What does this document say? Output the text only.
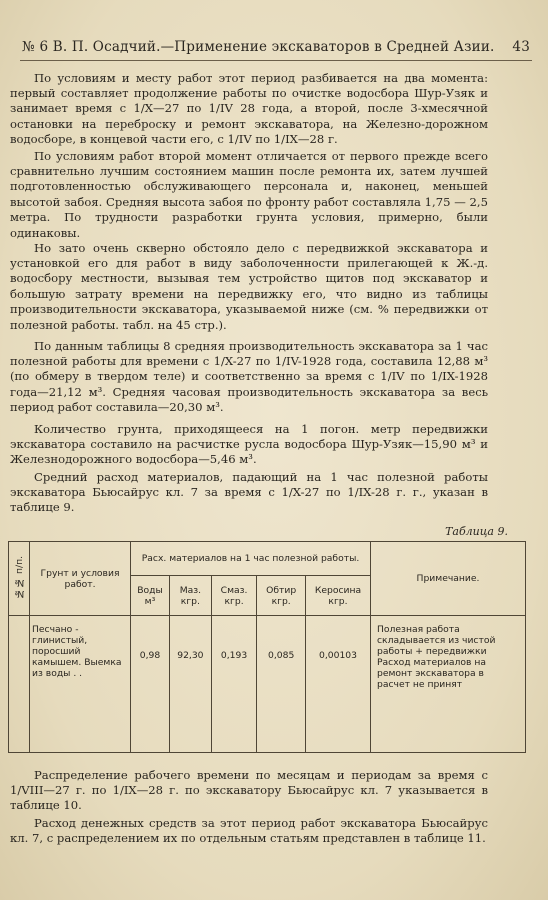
№ 6 В. П. Осадчий.—Применение экскаваторов в Средней Азии. 43

По условиям и месту работ этот период разбивается на два момента: первый составляет продолжение работы по очистке водосбора Шур-Узяк и занимает время с 1/X—27 по 1/IV 28 года, а второй, после 3-хмесячной остановки на переброску и ремонт экскаватора, на Железно-дорожном водосборе, в концевой части его, с 1/IV по 1/IX—28 г.

По условиям работ второй момент отличается от первого прежде всего сравнительно лучшим состоянием машин после ремонта их, затем лучшей подготовленностью обслуживающего персонала и, наконец, меньшей высотой забоя. Средняя высота забоя по фронту работ составляла 1,75 — 2,5 метра. По трудности разработки грунта условия, примерно, были одинаковы.

Но зато очень скверно обстояло дело с передвижкой экскаватора и установкой его для работ в виду заболоченности прилегающей к Ж.-д. водосбору местности, вызывая тем устройство щитов под экскаватор и большую затрату времени на передвижку его, что видно из таблицы производительности экскаватора, указываемой ниже (см. % передвижки от полезной работы. табл. на 45 стр.).

По данным таблицы 8 средняя производительность экскаватора за 1 час полезной работы для времени с 1/X-27 по 1/IV-1928 года, составила 12,88 м³ (по обмеру в твердом теле) и соответственно за время с 1/IV по 1/IX-1928 года—21,12 м³. Средняя часовая производительность экскаватора за весь период работ составила—20,30 м³.

Количество грунта, приходящееся на 1 погон. метр передвижки экскаватора составило на расчистке русла водосбора Шур-Узяк—15,90 м³ и Железнодорожного водосбора—5,46 м³.

Средний расход материалов, падающий на 1 час полезной работы экскаватора Бьюсайрус кл. 7 за время с 1/X-27 по 1/IX-28 г. г., указан в таблице 9.

Таблица 9.
№№ п/п.	Грунт и условия работ.	Расх. материалов на 1 час полезной работы.					Примечание.
		Воды м³	Маз. кгр.	Смаз. кгр.	Обтир кгр.	Керосина кгр.	
	Песчано - глинистый, поросший камышем. Выемка из воды . .	0,98	92,30	0,193	0,085	0,00103	Полезная работа складывается из чистой работы + передвижки Расход материалов на ремонт экскаватора в расчет не принят

Распределение рабочего времени по месяцам и периодам за время с 1/VIII—27 г. по 1/IX—28 г. по экскаватору Бьюсайрус кл. 7 указывается в таблице 10.

Расход денежных средств за этот период работ экскаватора Бьюсайрус кл. 7, с распределением их по отдельным статьям представлен в таблице 11.
